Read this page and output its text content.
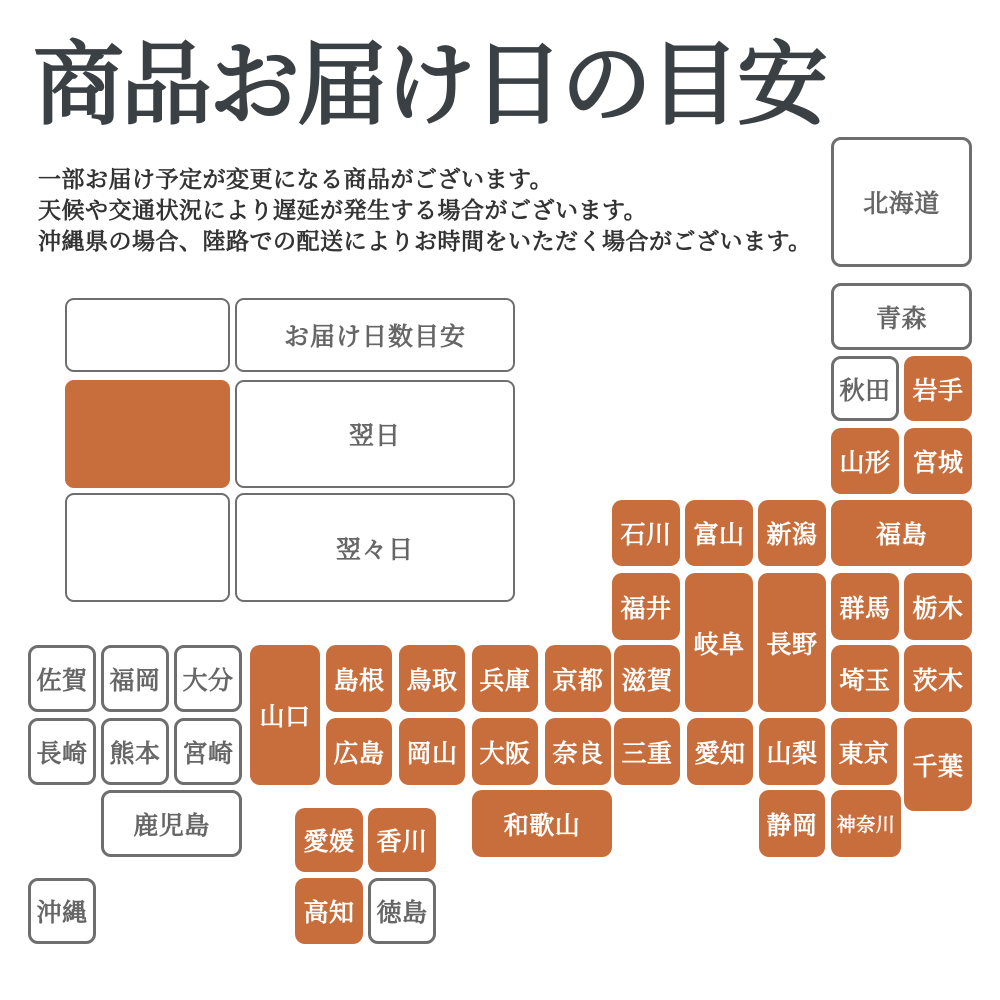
商品お届け日の目安

一部お届け予定が変更になる商品がございます。

天候や交通状況により遅延が発生する場合がございます。

沖縄県の場合、陸路での配送によりお時間をいただく場合がございます。

お届け日数目安
翌日
翌々日
北海道
青森
秋田 岩手
山形 宮城
石川 富山 新潟	福島
福井
岐阜 長野
群馬 栃木
佐賀 福岡 大分
山口
島根 鳥取 兵庫 京都 滋賀	埼玉 茨木
長崎 熊本 宮崎	広島 岡山 大阪 奈良 三重 愛知 山梨 東京 千葉
鹿児島	和歌山	静岡	神奈川
愛媛 香川
高知 徳島
沖縄
